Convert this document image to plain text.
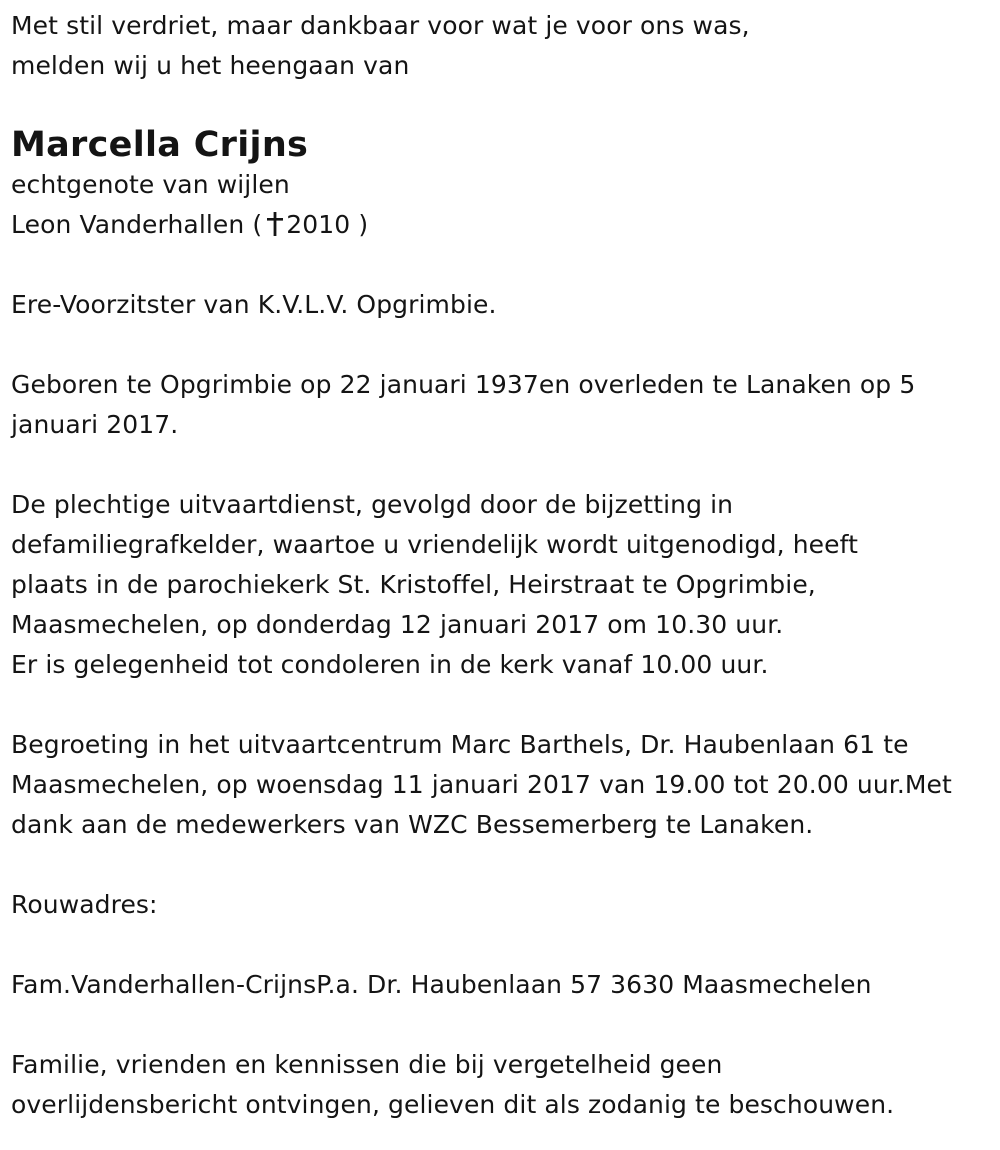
Met stil verdriet, maar dankbaar voor wat je voor ons was,
melden wij u het heengaan van
Marcella Crijns
echtgenote van wijlen
Leon Vanderhallen ( 2010 )
Ere-Voorzitster van K.V.L.V. Opgrimbie.
Geboren te Opgrimbie op 22 januari 1937en overleden te Lanaken op 5
januari 2017.
De plechtige uitvaartdienst, gevolgd door de bijzetting in
defamiliegrafkelder, waartoe u vriendelijk wordt uitgenodigd, heeft
plaats in de parochiekerk St. Kristoffel, Heirstraat te Opgrimbie,
Maasmechelen, op donderdag 12 januari 2017 om 10.30 uur.
Er is gelegenheid tot condoleren in de kerk vanaf 10.00 uur.
Begroeting in het uitvaartcentrum Marc Barthels, Dr. Haubenlaan 61 te
Maasmechelen, op woensdag 11 januari 2017 van 19.00 tot 20.00 uur.Met
dank aan de medewerkers van WZC Bessemerberg te Lanaken.
Rouwadres:
Fam.Vanderhallen-CrijnsP.a. Dr. Haubenlaan 57 3630 Maasmechelen
Familie, vrienden en kennissen die bij vergetelheid geen
overlijdensbericht ontvingen, gelieven dit als zodanig te beschouwen.
